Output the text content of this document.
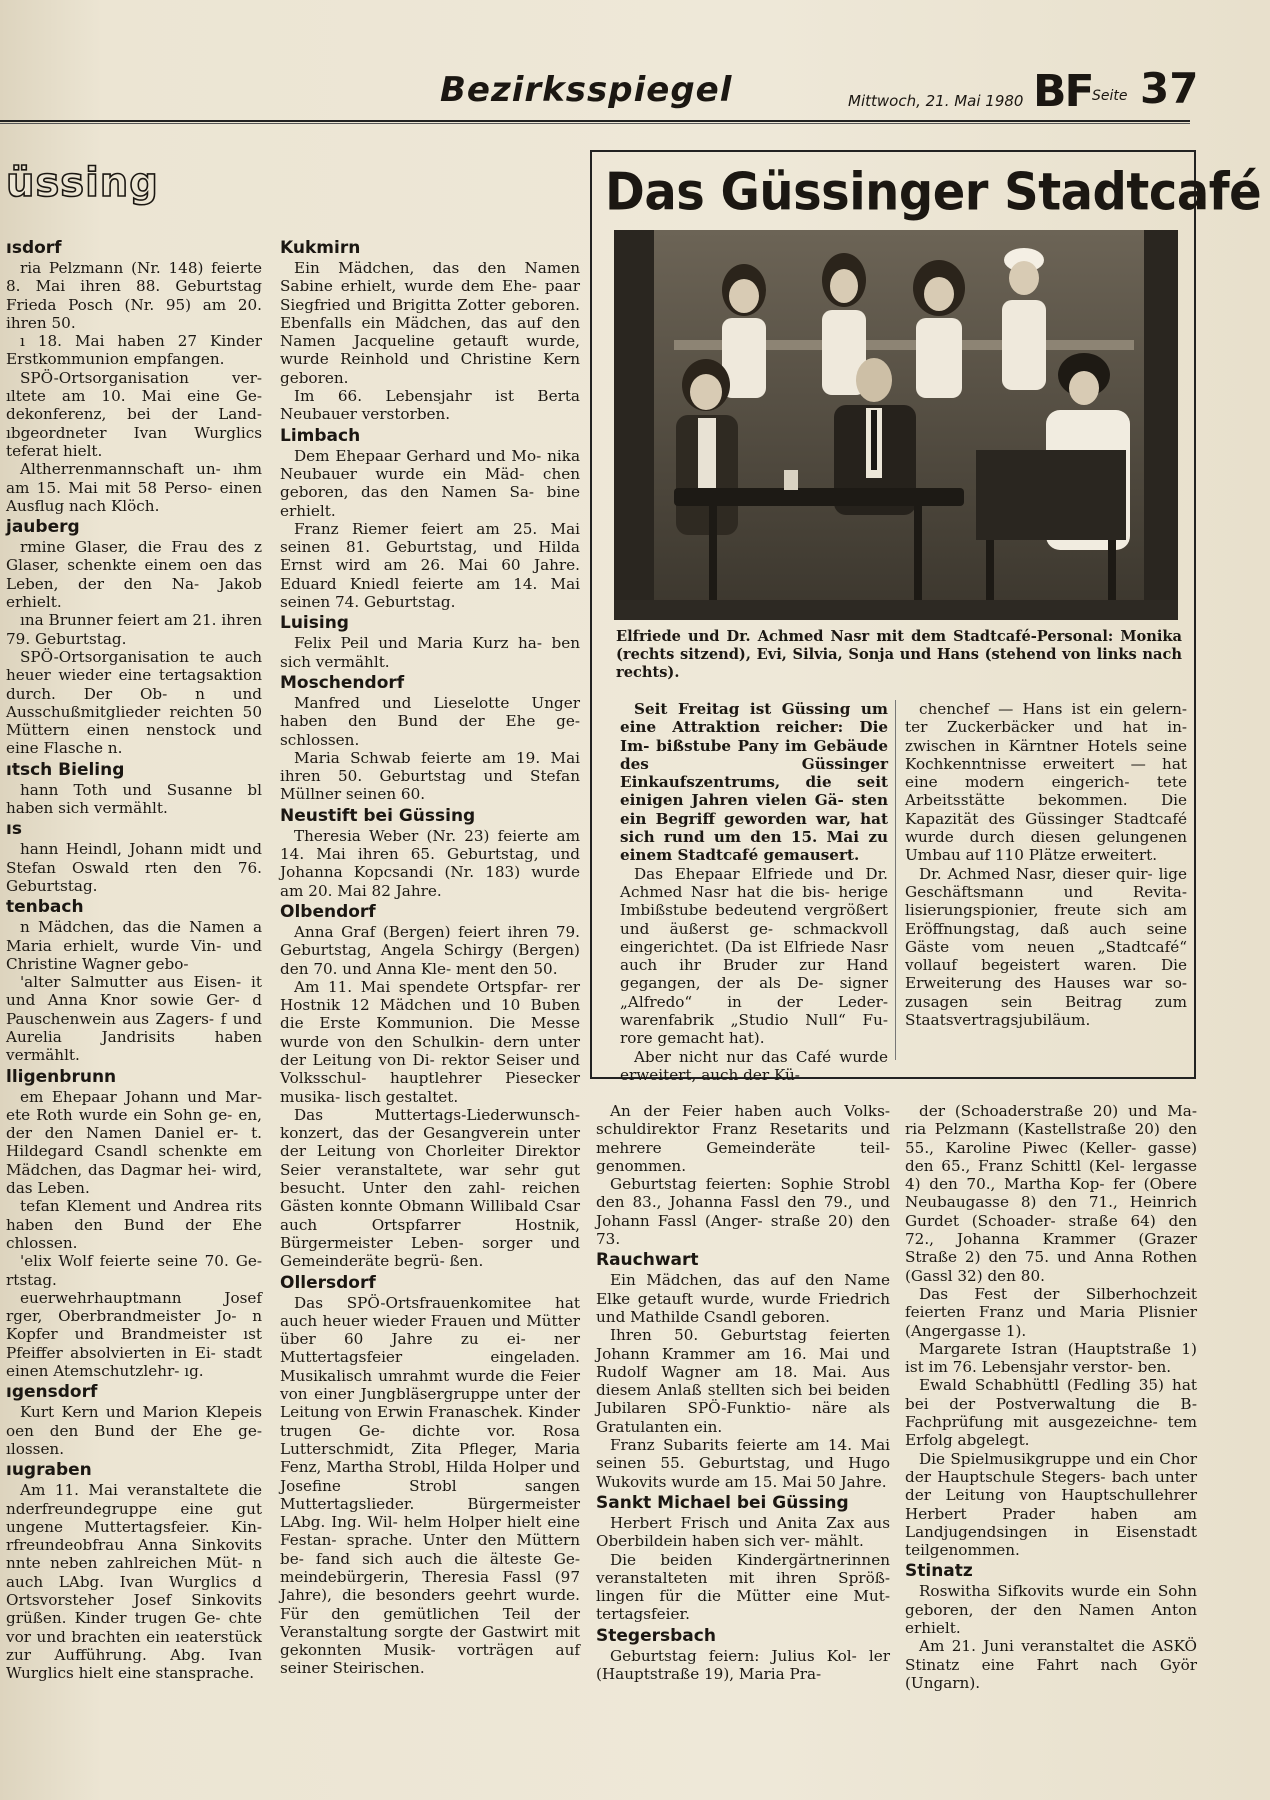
Bezirksspiegel	Mittwoch, 21. Mai 1980 BF Seite 37
üssing
ısdorf

ria Pelzmann (Nr. 148) feierte 8. Mai ihren 88. Geburtstag Frieda Posch (Nr. 95) am 20. ihren 50.

ı 18. Mai haben 27 Kinder Erstkommunion empfangen.

SPÖ-Ortsorganisation ver- ıltete am 10. Mai eine Ge- dekonferenz, bei der Land- ıbgeordneter Ivan Wurglics teferat hielt.

Altherrenmannschaft un- ıhm am 15. Mai mit 58 Perso- einen Ausflug nach Klöch.

jauberg

rmine Glaser, die Frau des z Glaser, schenkte einem oen das Leben, der den Na- Jakob erhielt.

ına Brunner feiert am 21. ihren 79. Geburtstag.

SPÖ-Ortsorganisation te auch heuer wieder eine tertagsaktion durch. Der Ob- n und Ausschußmitglieder reichten 50 Müttern einen nenstock und eine Flasche n.

ıtsch Bieling

hann Toth und Susanne bl haben sich vermählt.

ıs

hann Heindl, Johann midt und Stefan Oswald rten den 76. Geburtstag.

tenbach

n Mädchen, das die Namen a Maria erhielt, wurde Vin- und Christine Wagner gebo-

'alter Salmutter aus Eisen- it und Anna Knor sowie Ger- d Pauschenwein aus Zagers- f und Aurelia Jandrisits haben vermählt.

lligenbrunn

em Ehepaar Johann und Mar- ete Roth wurde ein Sohn ge- en, der den Namen Daniel er- t. Hildegard Csandl schenkte em Mädchen, das Dagmar hei- wird, das Leben.

tefan Klement und Andrea rits haben den Bund der Ehe chlossen.

'elix Wolf feierte seine 70. Ge- rtstag.

euerwehrhauptmann Josef rger, Oberbrandmeister Jo- n Kopfer und Brandmeister ıst Pfeiffer absolvierten in Ei- stadt einen Atemschutzlehr- ıg.

ıgensdorf

Kurt Kern und Marion Klepeis oen den Bund der Ehe ge- ılossen.

ıugraben

Am 11. Mai veranstaltete die nderfreundegruppe eine gut ungene Muttertagsfeier. Kin- rfreundeobfrau Anna Sinkovits nnte neben zahlreichen Müt- n auch LAbg. Ivan Wurglics d Ortsvorsteher Josef Sinkovits grüßen. Kinder trugen Ge- chte vor und brachten ein ıeaterstück zur Aufführung. Abg. Ivan Wurglics hielt eine stansprache.

Kukmirn

Ein Mädchen, das den Namen Sabine erhielt, wurde dem Ehe- paar Siegfried und Brigitta Zotter geboren. Ebenfalls ein Mädchen, das auf den Namen Jacqueline getauft wurde, wurde Reinhold und Christine Kern geboren.

Im 66. Lebensjahr ist Berta Neubauer verstorben.

Limbach

Dem Ehepaar Gerhard und Mo- nika Neubauer wurde ein Mäd- chen geboren, das den Namen Sa- bine erhielt.

Franz Riemer feiert am 25. Mai seinen 81. Geburtstag, und Hilda Ernst wird am 26. Mai 60 Jahre. Eduard Kniedl feierte am 14. Mai seinen 74. Geburtstag.

Luising

Felix Peil und Maria Kurz ha- ben sich vermählt.

Moschendorf

Manfred und Lieselotte Unger haben den Bund der Ehe ge- schlossen.

Maria Schwab feierte am 19. Mai ihren 50. Geburtstag und Stefan Müllner seinen 60.

Neustift bei Güssing

Theresia Weber (Nr. 23) feierte am 14. Mai ihren 65. Geburtstag, und Johanna Kopcsandi (Nr. 183) wurde am 20. Mai 82 Jahre.

Olbendorf

Anna Graf (Bergen) feiert ihren 79. Geburtstag, Angela Schirgy (Bergen) den 70. und Anna Kle- ment den 50.

Am 11. Mai spendete Ortspfar- rer Hostnik 12 Mädchen und 10 Buben die Erste Kommunion. Die Messe wurde von den Schulkin- dern unter der Leitung von Di- rektor Seiser und Volksschul- hauptlehrer Piesecker musika- lisch gestaltet.

Das Muttertags-Liederwunsch- konzert, das der Gesangverein unter der Leitung von Chorleiter Direktor Seier veranstaltete, war sehr gut besucht. Unter den zahl- reichen Gästen konnte Obmann Willibald Csar auch Ortspfarrer Hostnik, Bürgermeister Leben- sorger und Gemeinderäte begrü- ßen.

Ollersdorf

Das SPÖ-Ortsfrauenkomitee hat auch heuer wieder Frauen und Mütter über 60 Jahre zu ei- ner Muttertagsfeier eingeladen. Musikalisch umrahmt wurde die Feier von einer Jungbläsergruppe unter der Leitung von Erwin Franaschek. Kinder trugen Ge- dichte vor. Rosa Lutterschmidt, Zita Pfleger, Maria Fenz, Martha Strobl, Hilda Holper und Josefine Strobl sangen Muttertagslieder. Bürgermeister LAbg. Ing. Wil- helm Holper hielt eine Festan- sprache. Unter den Müttern be- fand sich auch die älteste Ge- meindebürgerin, Theresia Fassl (97 Jahre), die besonders geehrt wurde. Für den gemütlichen Teil der Veranstaltung sorgte der Gastwirt mit gekonnten Musik- vorträgen auf seiner Steirischen.

Das Güssinger Stadtcafé
Elfriede und Dr. Achmed Nasr mit dem Stadtcafé-Personal: Monika (rechts sitzend), Evi, Silvia, Sonja und Hans (stehend von links nach rechts).

Seit Freitag ist Güssing um eine Attraktion reicher: Die Im- bißstube Pany im Gebäude des Güssinger Einkaufszentrums, die seit einigen Jahren vielen Gä- sten ein Begriff geworden war, hat sich rund um den 15. Mai zu einem Stadtcafé gemausert.

Das Ehepaar Elfriede und Dr. Achmed Nasr hat die bis- herige Imbißstube bedeutend vergrößert und äußerst ge- schmackvoll eingerichtet. (Da ist Elfriede Nasr auch ihr Bruder zur Hand gegangen, der als De- signer „Alfredo“ in der Leder- warenfabrik „Studio Null“ Fu- rore gemacht hat).

Aber nicht nur das Café wurde erweitert, auch der Kü-

chenchef — Hans ist ein gelern- ter Zuckerbäcker und hat in- zwischen in Kärntner Hotels seine Kochkenntnisse erweitert — hat eine modern eingerich- tete Arbeitsstätte bekommen. Die Kapazität des Güssinger Stadtcafé wurde durch diesen gelungenen Umbau auf 110 Plätze erweitert.

Dr. Achmed Nasr, dieser quir- lige Geschäftsmann und Revita- lisierungspionier, freute sich am Eröffnungstag, daß auch seine Gäste vom neuen „Stadtcafé“ vollauf begeistert waren. Die Erweiterung des Hauses war so- zusagen sein Beitrag zum Staatsvertragsjubiläum.

An der Feier haben auch Volks- schuldirektor Franz Resetarits und mehrere Gemeinderäte teil- genommen.

Geburtstag feierten: Sophie Strobl den 83., Johanna Fassl den 79., und Johann Fassl (Anger- straße 20) den 73.

Rauchwart

Ein Mädchen, das auf den Name Elke getauft wurde, wurde Friedrich und Mathilde Csandl geboren.

Ihren 50. Geburtstag feierten Johann Krammer am 16. Mai und Rudolf Wagner am 18. Mai. Aus diesem Anlaß stellten sich bei beiden Jubilaren SPÖ-Funktio- näre als Gratulanten ein.

Franz Subarits feierte am 14. Mai seinen 55. Geburtstag, und Hugo Wukovits wurde am 15. Mai 50 Jahre.

Sankt Michael bei Güssing

Herbert Frisch und Anita Zax aus Oberbildein haben sich ver- mählt.

Die beiden Kindergärtnerinnen veranstalteten mit ihren Spröß- lingen für die Mütter eine Mut- tertagsfeier.

Stegersbach

Geburtstag feiern: Julius Kol- ler (Hauptstraße 19), Maria Pra-

der (Schoaderstraße 20) und Ma- ria Pelzmann (Kastellstraße 20) den 55., Karoline Piwec (Keller- gasse) den 65., Franz Schittl (Kel- lergasse 4) den 70., Martha Kop- fer (Obere Neubaugasse 8) den 71., Heinrich Gurdet (Schoader- straße 64) den 72., Johanna Krammer (Grazer Straße 2) den 75. und Anna Rothen (Gassl 32) den 80.

Das Fest der Silberhochzeit feierten Franz und Maria Plisnier (Angergasse 1).

Margarete Istran (Hauptstraße 1) ist im 76. Lebensjahr verstor- ben.

Ewald Schabhüttl (Fedling 35) hat bei der Postverwaltung die B-Fachprüfung mit ausgezeichne- tem Erfolg abgelegt.

Die Spielmusikgruppe und ein Chor der Hauptschule Stegers- bach unter der Leitung von Hauptschullehrer Herbert Prader haben am Landjugendsingen in Eisenstadt teilgenommen.

Stinatz

Roswitha Sifkovits wurde ein Sohn geboren, der den Namen Anton erhielt.

Am 21. Juni veranstaltet die ASKÖ Stinatz eine Fahrt nach Györ (Ungarn).
